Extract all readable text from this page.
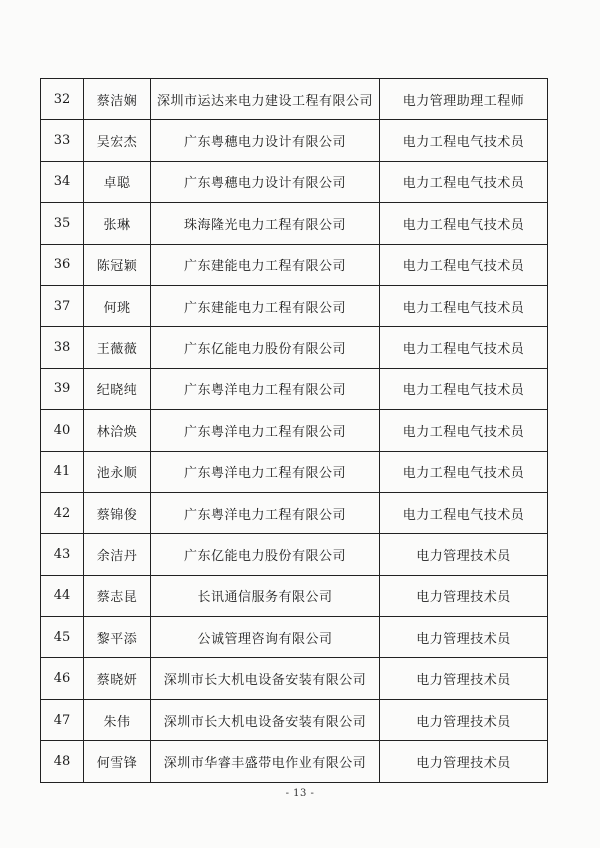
32	蔡洁娴	深圳市运达来电力建设工程有限公司	电力管理助理工程师
33	吴宏杰	广东粤穗电力设计有限公司	电力工程电气技术员
34	卓聪	广东粤穗电力设计有限公司	电力工程电气技术员
35	张琳	珠海隆光电力工程有限公司	电力工程电气技术员
36	陈冠颖	广东建能电力工程有限公司	电力工程电气技术员
37	何珧	广东建能电力工程有限公司	电力工程电气技术员
38	王薇薇	广东亿能电力股份有限公司	电力工程电气技术员
39	纪晓纯	广东粤洋电力工程有限公司	电力工程电气技术员
40	林洽焕	广东粤洋电力工程有限公司	电力工程电气技术员
41	池永顺	广东粤洋电力工程有限公司	电力工程电气技术员
42	蔡锦俊	广东粤洋电力工程有限公司	电力工程电气技术员
43	余洁丹	广东亿能电力股份有限公司	电力管理技术员
44	蔡志昆	长讯通信服务有限公司	电力管理技术员
45	黎平添	公诚管理咨询有限公司	电力管理技术员
46	蔡晓妍	深圳市长大机电设备安装有限公司	电力管理技术员
47	朱伟	深圳市长大机电设备安装有限公司	电力管理技术员
48	何雪锋	深圳市华睿丰盛带电作业有限公司	电力管理技术员
- 13 -
